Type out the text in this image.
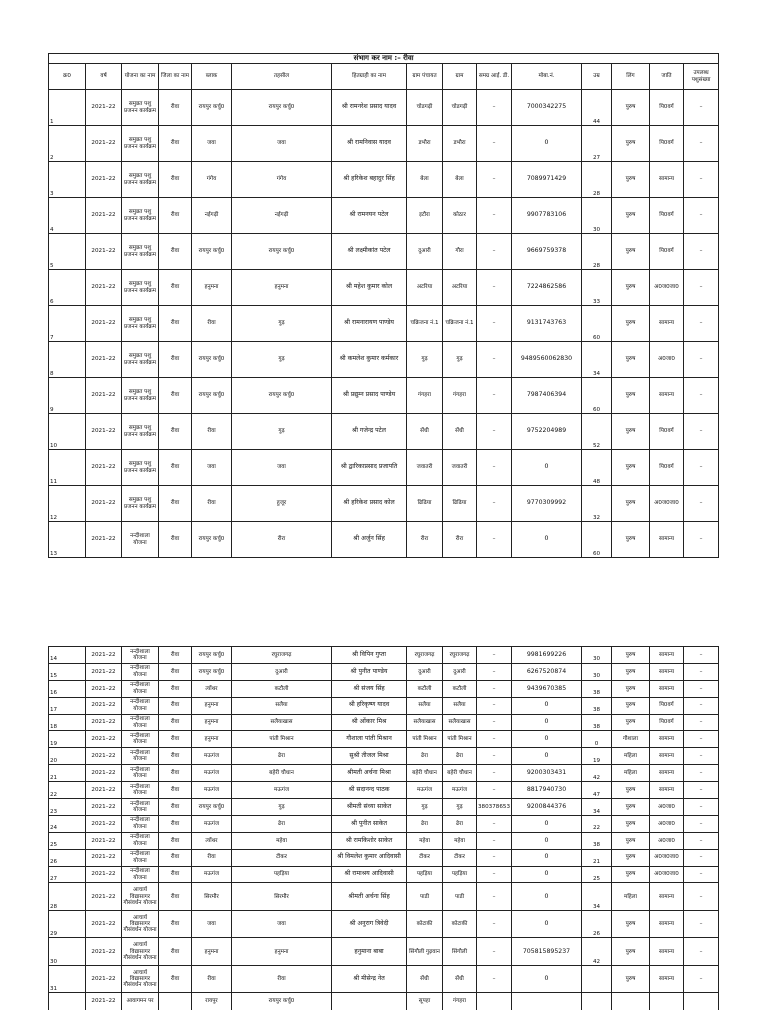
संभाग कर नाम :– रीवा														
क्र0	वर्ष	योजना का नाम	जिला का नाम	ब्लाक	तहसील	हितग्राही का नाम	ग्राम पंचायत	ग्राम	समग्र आई. डी.	मोबा.नं.	उम्र	लिंग	जाति	उपलब्ध पशुसंख्या
1	2021–22	समुन्नत पशु प्रजनन कार्यक्रम	रीवा	रायपुर कर्चु0	रायपुर कर्चु0	श्री रामनरेश प्रसाद यादव	चोडगढ़ी	चोडगढ़ी	–	7000342275	44	पुरुष	पि0वर्ग	–
2	2021–22	समुन्नत पशु प्रजनन कार्यक्रम	रीवा	जवा	जवा	श्री रामनिवास यादव	डभौरा	डभौरा	–	0	27	पुरुष	पि0वर्ग	–
3	2021–22	समुन्नत पशु प्रजनन कार्यक्रम	रीवा	गंगेव	गंगेव	श्री हरिकेश बहादुर सिंह	बेला	बेला	–	7089971429	28	पुरुष	सामान्य	–
4	2021–22	समुन्नत पशु प्रजनन कार्यक्रम	रीवा	नईगढ़ी	नईगढ़ी	श्री रामनयन पटेल	इटौरा	कोठार	–	9907783106	30	पुरुष	पि0वर्ग	–
5	2021–22	समुन्नत पशु प्रजनन कार्यक्रम	रीवा	रायपुर कर्चु0	रायपुर कर्चु0	श्री लक्ष्मीकांत पटेल	दुआरी	गौरा	–	9669759378	28	पुरुष	पि0वर्ग	–
6	2021–22	समुन्नत पशु प्रजनन कार्यक्रम	रीवा	हनुमना	हनुमना	श्री महेश कुमार कोल	अटरिया	अटरिया	–	7224862586	33	पुरुष	अ0ज0जा0	–
7	2021–22	समुन्नत पशु प्रजनन कार्यक्रम	रीवा	रीवा	गुढ़	श्री रामनारायण पाण्डेय	चक्रिजना नं.1	चक्रिजना नं.1	–	9131743763	60	पुरुष	सामान्य	–
8	2021–22	समुन्नत पशु प्रजनन कार्यक्रम	रीवा	रायपुर कर्चु0	गुढ़	श्री कमलेश कुमार कर्मकार	गुढ़	गुढ़	–	9489560062830	34	पुरुष	अ0जा0	–
9	2021–22	समुन्नत पशु प्रजनन कार्यक्रम	रीवा	रायपुर कर्चु0	रायपुर कर्चु0	श्री प्रद्युम्न प्रसाद पाण्डेय	गंगहरा	गंगहरा	–	7987406394	60	पुरुष	सामान्य	–
10	2021–22	समुन्नत पशु प्रजनन कार्यक्रम	रीवा	रीवा	गुढ़	श्री गजेन्द्र पटेल	सेंधी	सेंधी	–	9752204989	52	पुरुष	पि0वर्ग	–
11	2021–22	समुन्नत पशु प्रजनन कार्यक्रम	रीवा	जवा	जवा	श्री द्वारिकाप्रसाद प्रजापति	जवातरी	जवातरी	–	0	48	पुरुष	पि0वर्ग	–
12	2021–22	समुन्नत पशु प्रजनन कार्यक्रम	रीवा	रीवा	हुजूर	श्री हरिकेश प्रसाद कोल	ढिढिया	ढिढिया	–	9770309992	32	पुरुष	अ0ज0जा0	–
13	2021–22	नन्दीशाला योजना	रीवा	रायपुर कर्चु0	रीरा	श्री अर्जुन सिंह	रीरा	रीरा	–	0	60	पुरुष	सामान्य	–
14	2021–22	नन्दीशाला योजना	रीवा	रायपुर कर्चु0	रघुराजगढ़	श्री विपिन गुप्ता	रघुराजगढ़	रघुराजगढ़	–	9981699226	30	पुरुष	सामान्य	–
15	2021–22	नन्दीशाला योजना	रीवा	रायपुर कर्चु0	दुआरी	श्री पुनीत पाण्डेय	दुआरी	दुआरी	–	6267520874	30	पुरुष	सामान्य	–
16	2021–22	नन्दीशाला योजना	रीवा	त्योंथर	कटौली	श्री संजय सिंह	कटौली	कटौली	–	9439670385	38	पुरुष	सामान्य	–
17	2021–22	नन्दीशाला योजना	रीवा	हनुमना	सलैया	श्री हरिकृष्ण यादव	सलैया	सलैया	–	0	38	पुरुष	पि0वर्ग	–
18	2021–22	नन्दीशाला योजना	रीवा	हनुमना	सलैयाखास	श्री ओंकार मिश्र	सलैयाखास	सलैयाखास	–	0	38	पुरुष	पि0वर्ग	–
19	2021–22	नन्दीशाला योजना	रीवा	हनुमना	पांती मिश्रान	गौशाला पांती मिश्रान	पांती मिश्रान	पांती मिश्रान	–	0	0	गौशाला	सामान्य	–
20	2021–22	नन्दीशाला योजना	रीवा	मऊगंज	ढेरा	सुश्री तीजल मिश्रा	ढेरा	ढेरा	–	0	19	महिला	सामान्य	–
21	2021–22	नन्दीशाला योजना	रीवा	मऊगंज	बहेरी चौधान	श्रीमती अर्चना मिश्रा	बहेरी चौधान	बहेरी चौधान	–	9200303431	42	महिला	सामान्य	–
22	2021–22	नन्दीशाला योजना	रीवा	मऊगंज	मऊगंज	श्री सदानन्द पाठक	मऊगंज	मऊगंज	–	8817940730	47	पुरुष	सामान्य	–
23	2021–22	नन्दीशाला योजना	रीवा	रायपुर कर्चु0	गुढ़	श्रीमती संध्या साकेत	गुढ़	गुढ़	380378653	9200844376	34	पुरुष	अ0जा0	–
24	2021–22	नन्दीशाला योजना	रीवा	मऊगंज	ढेरा	श्री पुनीत साकेत	ढेरा	ढेरा	–	0	22	पुरुष	अ0जा0	–
25	2021–22	नन्दीशाला योजना	रीवा	त्योंथर	महेवा	श्री रामकिशोर साकेत	महेवा	महेवा	–	0	38	पुरुष	अ0जा0	–
26	2021–22	नन्दीशाला योजना	रीवा	रीवा	टीकर	श्री विमलेश कुमार आदिवासी	टीकर	टीकर	–	0	21	पुरुष	अ0ज0जा0	–
27	2021–22	नन्दीशाला योजना	रीवा	मऊगंज	पहड़िया	श्री रामाश्रय आदिवासी	पहड़िया	पहड़िया	–	0	25	पुरुष	अ0ज0जा0	–
28	2021–22	आचार्य विद्यासागर गौसंवर्धन योजना	रीवा	सिरमौर	सिरमौर	श्रीमती अर्चना सिंह	पाडी	पाडी	–	0	34	महिला	सामान्य	–
29	2021–22	आचार्य विद्यासागर गौसंवर्धन योजना	रीवा	जवा	जवा	श्री अनुराग त्रिवेदी	कोटाकी	कोटाकी	–	0	26	पुरुष	सामान्य	–
30	2021–22	आचार्य विद्यासागर गौसंवर्धन योजना	रीवा	हनुमना	हनुमना	हनुमाना बाबा	सिंगौली गुढ़वान	सिंगौली	–	705815895237	42	पुरुष	सामान्य	–
31	2021–22	आचार्य विद्यासागर गौसंवर्धन योजना	रीवा	रीवा	रीवा	श्री मीसेन्द्र नेत	सेंधी	सेंधी	–	0		पुरुष	सामान्य	–
	2021–22	आवागमन पर		रायपुर	रायपुर कर्चु0		सूपहा	गंगहरा						
